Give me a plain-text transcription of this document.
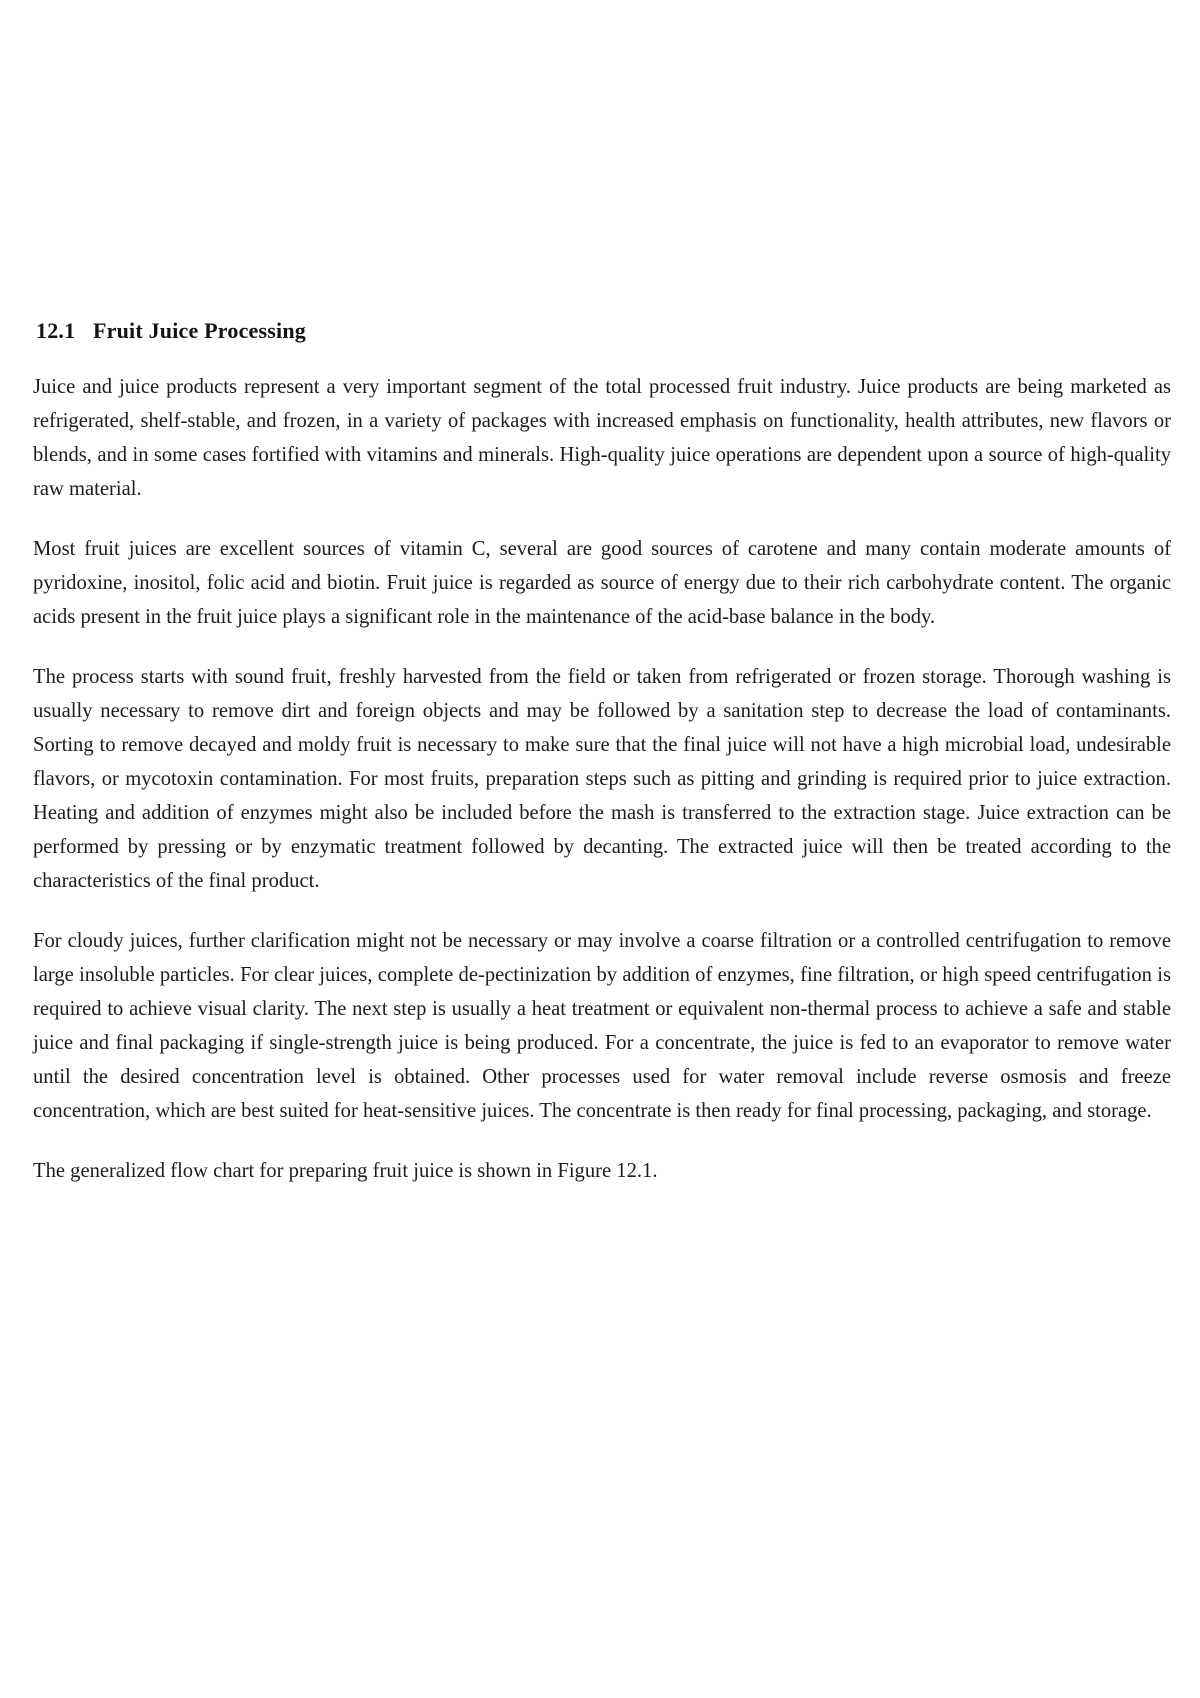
12.1 Fruit Juice Processing

Juice and juice products represent a very important segment of the total processed fruit industry. Juice products are being marketed as refrigerated, shelf-stable, and frozen, in a variety of packages with increased emphasis on functionality, health attributes, new flavors or blends, and in some cases fortified with vitamins and minerals. High-quality juice operations are dependent upon a source of high-quality raw material.

Most fruit juices are excellent sources of vitamin C, several are good sources of carotene and many contain moderate amounts of pyridoxine, inositol, folic acid and biotin. Fruit juice is regarded as source of energy due to their rich carbohydrate content. The organic acids present in the fruit juice plays a significant role in the maintenance of the acid-base balance in the body.

The process starts with sound fruit, freshly harvested from the field or taken from refrigerated or frozen storage. Thorough washing is usually necessary to remove dirt and foreign objects and may be followed by a sanitation step to decrease the load of contaminants. Sorting to remove decayed and moldy fruit is necessary to make sure that the final juice will not have a high microbial load, undesirable flavors, or mycotoxin contamination. For most fruits, preparation steps such as pitting and grinding is required prior to juice extraction. Heating and addition of enzymes might also be included before the mash is transferred to the extraction stage. Juice extraction can be performed by pressing or by enzymatic treatment followed by decanting. The extracted juice will then be treated according to the characteristics of the final product.

For cloudy juices, further clarification might not be necessary or may involve a coarse filtration or a controlled centrifugation to remove large insoluble particles. For clear juices, complete de-pectinization by addition of enzymes, fine filtration, or high speed centrifugation is required to achieve visual clarity. The next step is usually a heat treatment or equivalent non-thermal process to achieve a safe and stable juice and final packaging if single-strength juice is being produced. For a concentrate, the juice is fed to an evaporator to remove water until the desired concentration level is obtained. Other processes used for water removal include reverse osmosis and freeze concentration, which are best suited for heat-sensitive juices. The concentrate is then ready for final processing, packaging, and storage.

The generalized flow chart for preparing fruit juice is shown in Figure 12.1.
